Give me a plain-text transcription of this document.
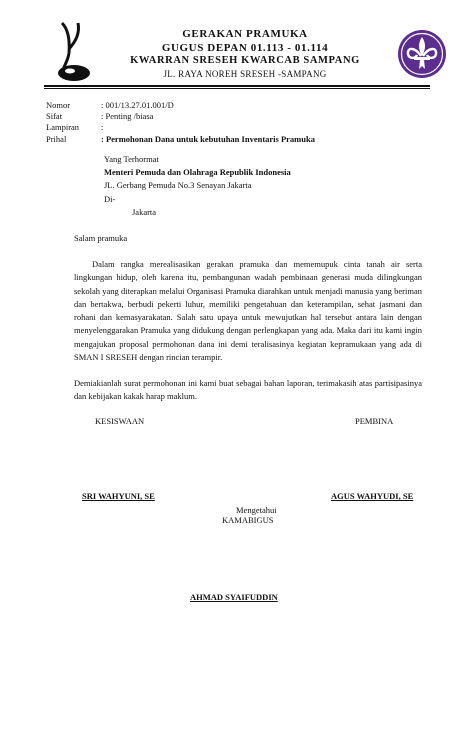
GERAKAN PRAMUKA
GUGUS DEPAN 01.113 - 01.114
KWARRAN SRESEH KWARCAB SAMPANG
JL. RAYA NOREH SRESEH -SAMPANG
Nomor	: 001/13.27.01.001/D
Sifat	: Penting /biasa
Lampiran	:
Prihal	: Permohonan Dana untuk kebutuhan Inventaris Pramuka
Yang Terhormat
Menteri Pemuda dan Olahraga Republik Indonesia
JL. Gerbang Pemuda No.3 Senayan Jakarta
Di-
Jakarta
Salam pramuka
Dalam rangka merealisasikan gerakan pramuka dan mememupuk cinta tanah air serta lingkungan hidup, oleh karena itu, pembangunan wadah pembinaan generasi muda dilingkungan sekolah yang diterapkan melalui Organisasi Pramuka diarahkan untuk menjadi manusia yang beriman dan bertakwa, berbudi pekerti luhur, memiliki pengetahuan dan keterampilan, sehat jasmani dan rohani dan kemasyarakatan. Salah satu upaya untuk mewujutkan hal tersebut antara lain dengan menyelenggarakan Pramuka yang didukung dengan perlengkapan yang ada. Maka dari itu kami ingin mengajukan proposal permohonan dana ini demi teralisasinya kegiatan kepramukaan yang ada di SMAN I SRESEH dengan rincian terampir.
Demiakianlah surat permohonan ini kami buat sebagai bahan laporan, terimakasih atas partisipasinya dan kebijakan kakak harap maklum.
KESISWAAN	PEMBINA
SRI WAHYUNI, SE	AGUS WAHYUDI, SE
Mengetahui
KAMABIGUS
AHMAD SYAIFUDDIN
